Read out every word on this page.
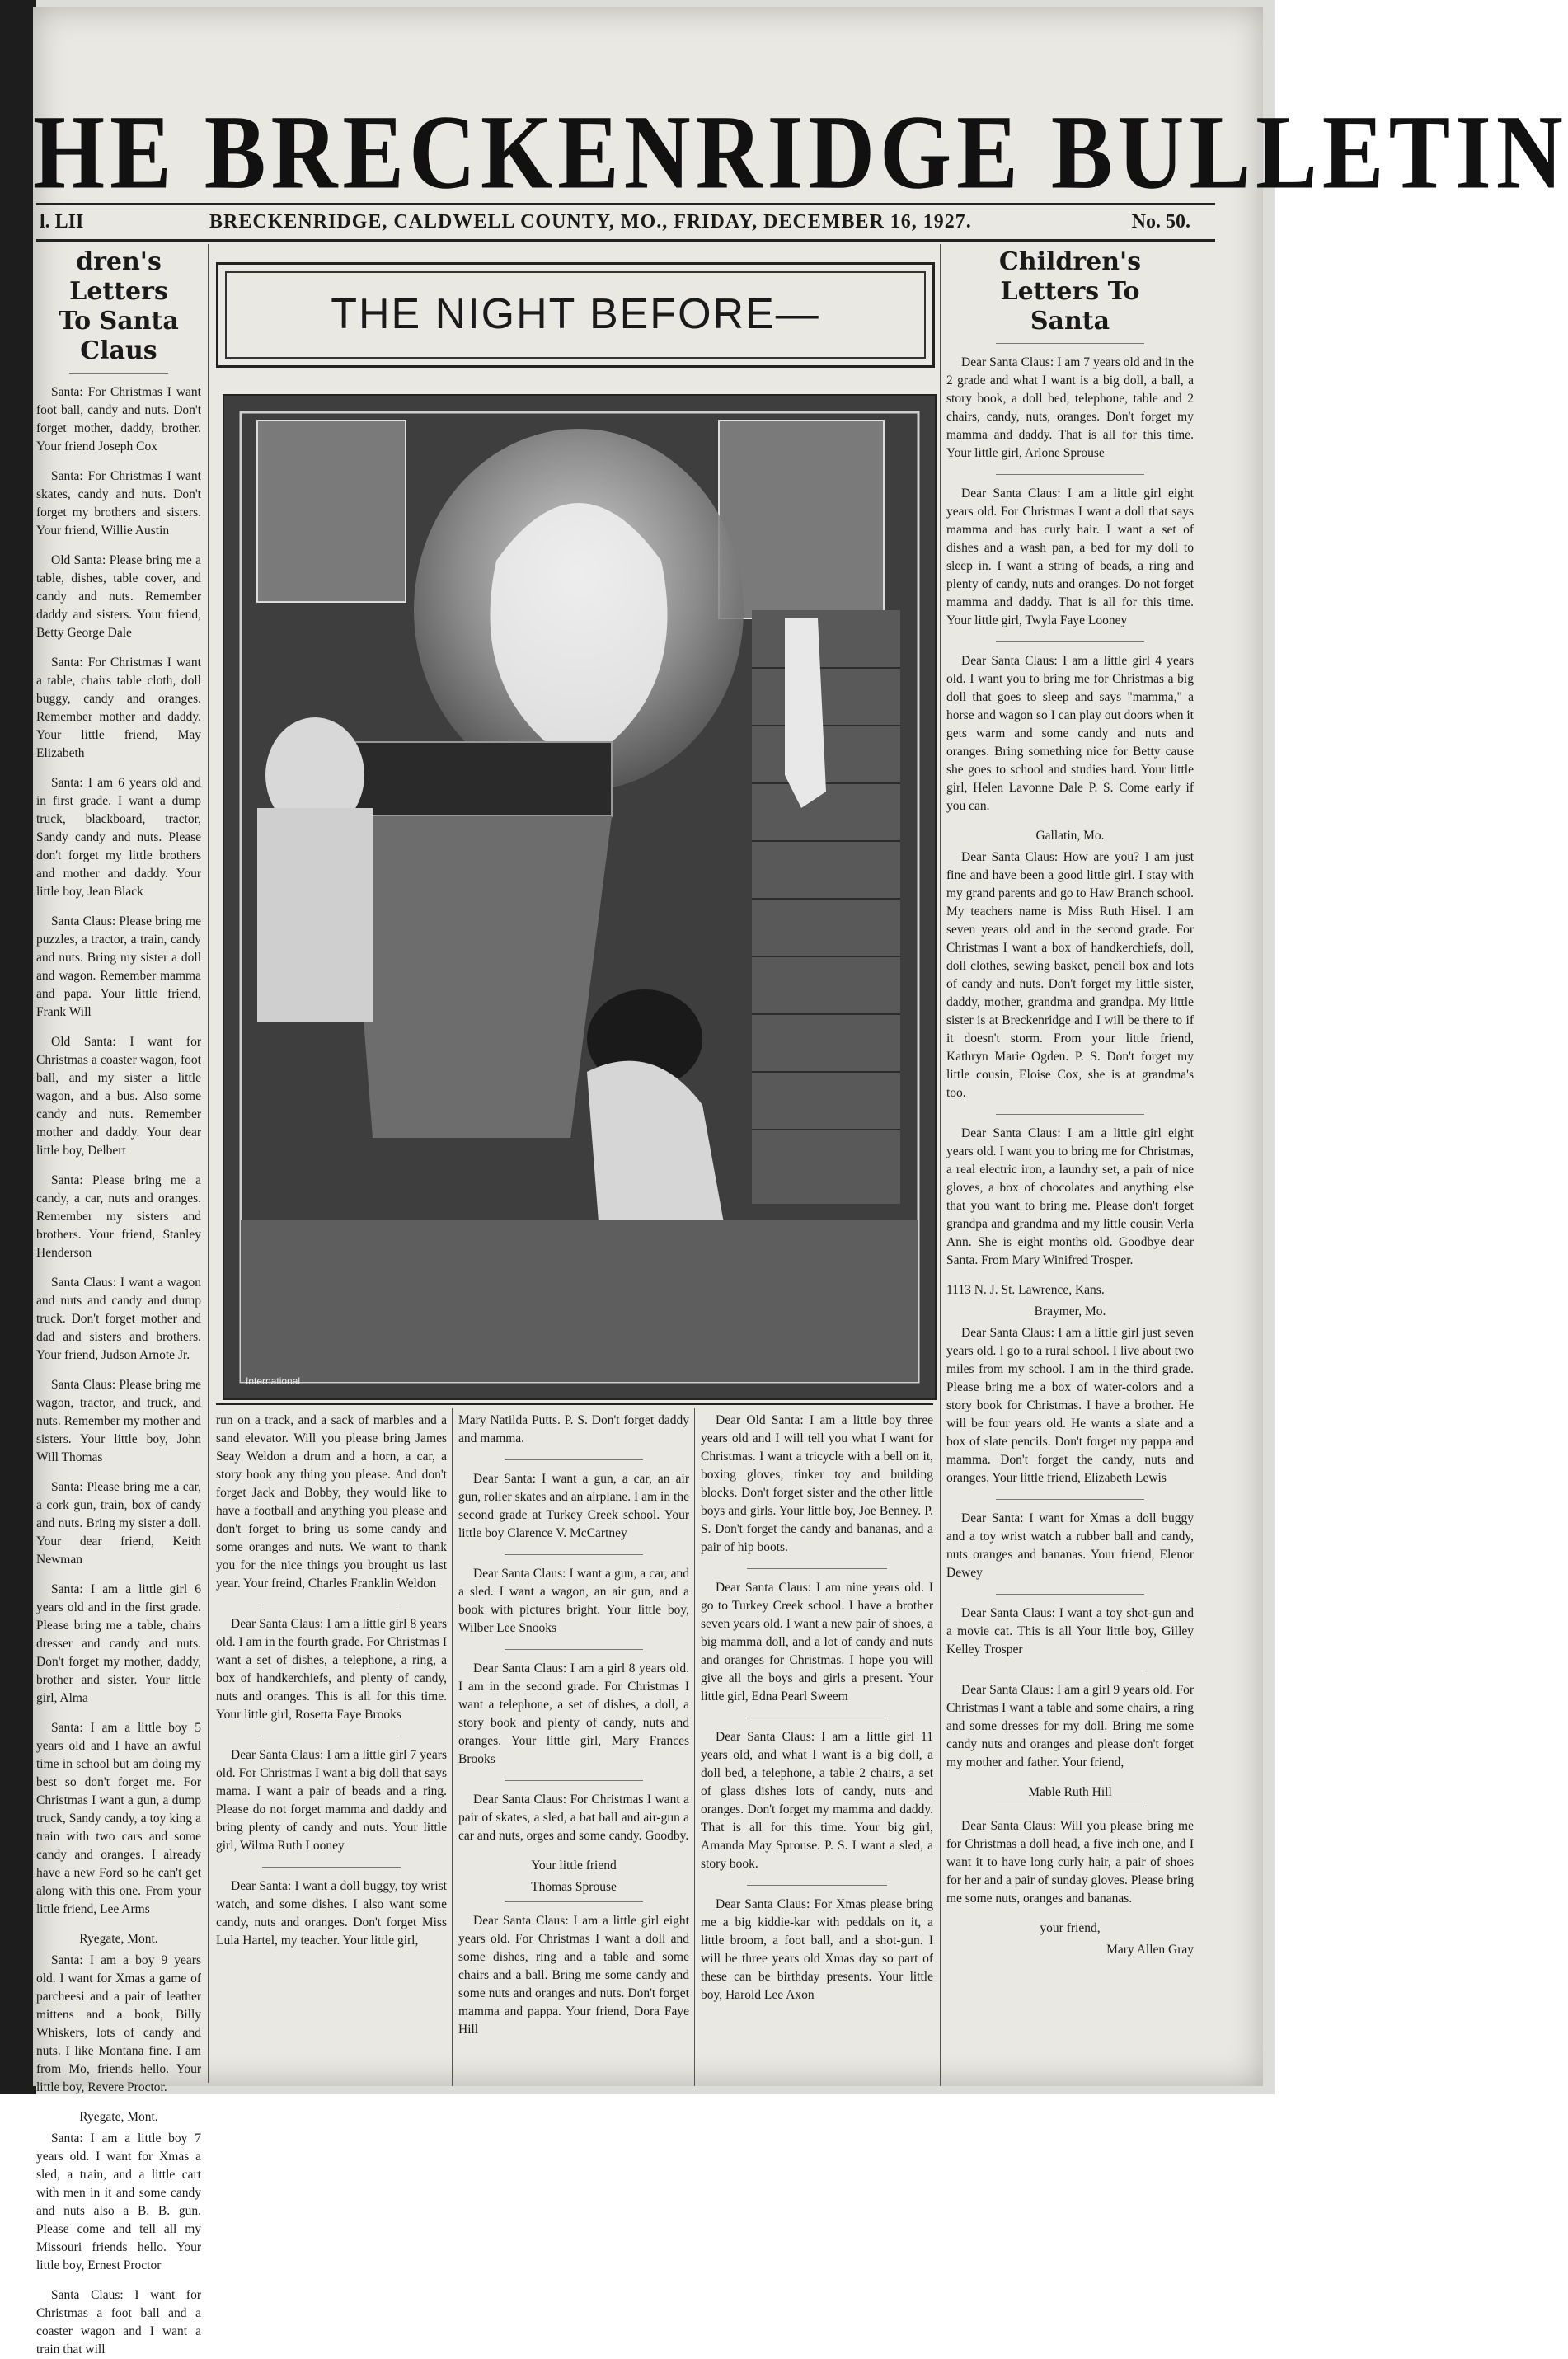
HE BRECKENRIDGE BULLETIN
l. LII	BRECKENRIDGE, CALDWELL COUNTY, MO., FRIDAY, DECEMBER 16, 1927.	No. 50.
dren's Letters
To Santa Claus

Santa: For Christmas I want foot ball, candy and nuts. Don't forget mother, daddy, brother. Your friend Joseph Cox

Santa: For Christmas I want skates, candy and nuts. Don't forget my brothers and sisters. Your friend, Willie Austin

Old Santa: Please bring me a table, dishes, table cover, and candy and nuts. Remember daddy and sisters. Your friend, Betty George Dale

Santa: For Christmas I want a table, chairs table cloth, doll buggy, candy and oranges. Remember mother and daddy. Your little friend, May Elizabeth

Santa: I am 6 years old and in first grade. I want a dump truck, blackboard, tractor, Sandy candy and nuts. Please don't forget my little brothers and mother and daddy. Your little boy, Jean Black

Santa Claus: Please bring me puzzles, a tractor, a train, candy and nuts. Bring my sister a doll and wagon. Remember mamma and papa. Your little friend, Frank Will

Old Santa: I want for Christmas a coaster wagon, foot ball, and my sister a little wagon, and a bus. Also some candy and nuts. Remember mother and daddy. Your dear little boy, Delbert

Santa: Please bring me a candy, a car, nuts and oranges. Remember my sisters and brothers. Your friend, Stanley Henderson

Santa Claus: I want a wagon and nuts and candy and dump truck. Don't forget mother and dad and sisters and brothers. Your friend, Judson Arnote Jr.

Santa Claus: Please bring me wagon, tractor, and truck, and nuts. Remember my mother and sisters. Your little boy, John Will Thomas

Santa: Please bring me a car, a cork gun, train, box of candy and nuts. Bring my sister a doll. Your dear friend, Keith Newman

Santa: I am a little girl 6 years old and in the first grade. Please bring me a table, chairs dresser and candy and nuts. Don't forget my mother, daddy, brother and sister. Your little girl, Alma

Santa: I am a little boy 5 years old and I have an awful time in school but am doing my best so don't forget me. For Christmas I want a gun, a dump truck, Sandy candy, a toy king a train with two cars and some candy and oranges. I already have a new Ford so he can't get along with this one. From your little friend, Lee Arms

Ryegate, Mont.

Santa: I am a boy 9 years old. I want for Xmas a game of parcheesi and a pair of leather mittens and a book, Billy Whiskers, lots of candy and nuts. I like Montana fine. I am from Mo, friends hello. Your little boy, Revere Proctor.

Ryegate, Mont.

Santa: I am a little boy 7 years old. I want for Xmas a sled, a train, and a little cart with men in it and some candy and nuts also a B. B. gun. Please come and tell all my Missouri friends hello. Your little boy, Ernest Proctor

Santa Claus: I want for Christmas a foot ball and a coaster wagon and I want a train that will

THE NIGHT BEFORE—
International

run on a track, and a sack of marbles and a sand elevator. Will you please bring James Seay Weldon a drum and a horn, a car, a story book any thing you please. And don't forget Jack and Bobby, they would like to have a football and anything you please and don't forget to bring us some candy and some oranges and nuts. We want to thank you for the nice things you brought us last year. Your freind, Charles Franklin Weldon

Dear Santa Claus: I am a little girl 8 years old. I am in the fourth grade. For Christmas I want a set of dishes, a telephone, a ring, a box of handkerchiefs, and plenty of candy, nuts and oranges. This is all for this time. Your little girl, Rosetta Faye Brooks

Dear Santa Claus: I am a little girl 7 years old. For Christmas I want a big doll that says mama. I want a pair of beads and a ring. Please do not forget mamma and daddy and bring plenty of candy and nuts. Your little girl, Wilma Ruth Looney

Dear Santa: I want a doll buggy, toy wrist watch, and some dishes. I also want some candy, nuts and oranges. Don't forget Miss Lula Hartel, my teacher. Your little girl,

Mary Natilda Putts. P. S. Don't forget daddy and mamma.

Dear Santa: I want a gun, a car, an air gun, roller skates and an airplane. I am in the second grade at Turkey Creek school. Your little boy Clarence V. McCartney

Dear Santa Claus: I want a gun, a car, and a sled. I want a wagon, an air gun, and a book with pictures bright. Your little boy, Wilber Lee Snooks

Dear Santa Claus: I am a girl 8 years old. I am in the second grade. For Christmas I want a telephone, a set of dishes, a doll, a story book and plenty of candy, nuts and oranges. Your little girl, Mary Frances Brooks

Dear Santa Claus: For Christmas I want a pair of skates, a sled, a bat ball and air-gun a car and nuts, orges and some candy. Goodby.

Your little friend

Thomas Sprouse

Dear Santa Claus: I am a little girl eight years old. For Christmas I want a doll and some dishes, ring and a table and some chairs and a ball. Bring me some candy and some nuts and oranges and nuts. Don't forget mamma and pappa. Your friend, Dora Faye Hill

Dear Old Santa: I am a little boy three years old and I will tell you what I want for Christmas. I want a tricycle with a bell on it, boxing gloves, tinker toy and building blocks. Don't forget sister and the other little boys and girls. Your little boy, Joe Benney. P. S. Don't forget the candy and bananas, and a pair of hip boots.

Dear Santa Claus: I am nine years old. I go to Turkey Creek school. I have a brother seven years old. I want a new pair of shoes, a big mamma doll, and a lot of candy and nuts and oranges for Christmas. I hope you will give all the boys and girls a present. Your little girl, Edna Pearl Sweem

Dear Santa Claus: I am a little girl 11 years old, and what I want is a big doll, a doll bed, a telephone, a table 2 chairs, a set of glass dishes lots of candy, nuts and oranges. Don't forget my mamma and daddy. That is all for this time. Your big girl, Amanda May Sprouse. P. S. I want a sled, a story book.

Dear Santa Claus: For Xmas please bring me a big kiddie-kar with peddals on it, a little broom, a foot ball, and a shot-gun. I will be three years old Xmas day so part of these can be birthday presents. Your little boy, Harold Lee Axon

Children's Letters To
Santa

Dear Santa Claus: I am 7 years old and in the 2 grade and what I want is a big doll, a ball, a story book, a doll bed, telephone, table and 2 chairs, candy, nuts, oranges. Don't forget my mamma and daddy. That is all for this time. Your little girl, Arlone Sprouse

Dear Santa Claus: I am a little girl eight years old. For Christmas I want a doll that says mamma and has curly hair. I want a set of dishes and a wash pan, a bed for my doll to sleep in. I want a string of beads, a ring and plenty of candy, nuts and oranges. Do not forget mamma and daddy. That is all for this time. Your little girl, Twyla Faye Looney

Dear Santa Claus: I am a little girl 4 years old. I want you to bring me for Christmas a big doll that goes to sleep and says "mamma," a horse and wagon so I can play out doors when it gets warm and some candy and nuts and oranges. Bring something nice for Betty cause she goes to school and studies hard. Your little girl, Helen Lavonne Dale P. S. Come early if you can.

Gallatin, Mo.

Dear Santa Claus: How are you? I am just fine and have been a good little girl. I stay with my grand parents and go to Haw Branch school. My teachers name is Miss Ruth Hisel. I am seven years old and in the second grade. For Christmas I want a box of handkerchiefs, doll, doll clothes, sewing basket, pencil box and lots of candy and nuts. Don't forget my little sister, daddy, mother, grandma and grandpa. My little sister is at Breckenridge and I will be there to if it doesn't storm. From your little friend, Kathryn Marie Ogden. P. S. Don't forget my little cousin, Eloise Cox, she is at grandma's too.

Dear Santa Claus: I am a little girl eight years old. I want you to bring me for Christmas, a real electric iron, a laundry set, a pair of nice gloves, a box of chocolates and anything else that you want to bring me. Please don't forget grandpa and grandma and my little cousin Verla Ann. She is eight months old. Goodbye dear Santa. From Mary Winifred Trosper.

1113 N. J. St. Lawrence, Kans.

Braymer, Mo.

Dear Santa Claus: I am a little girl just seven years old. I go to a rural school. I live about two miles from my school. I am in the third grade. Please bring me a box of water-colors and a story book for Christmas. I have a brother. He will be four years old. He wants a slate and a box of slate pencils. Don't forget my pappa and mamma. Don't forget the candy, nuts and oranges. Your little friend, Elizabeth Lewis

Dear Santa: I want for Xmas a doll buggy and a toy wrist watch a rubber ball and candy, nuts oranges and bananas. Your friend, Elenor Dewey

Dear Santa Claus: I want a toy shot-gun and a movie cat. This is all Your little boy, Gilley Kelley Trosper

Dear Santa Claus: I am a girl 9 years old. For Christmas I want a table and some chairs, a ring and some dresses for my doll. Bring me some candy nuts and oranges and please don't forget my mother and father. Your friend,

Mable Ruth Hill

Dear Santa Claus: Will you please bring me for Christmas a doll head, a five inch one, and I want it to have long curly hair, a pair of shoes for her and a pair of sunday gloves. Please bring me some nuts, oranges and bananas.

your friend,

Mary Allen Gray
